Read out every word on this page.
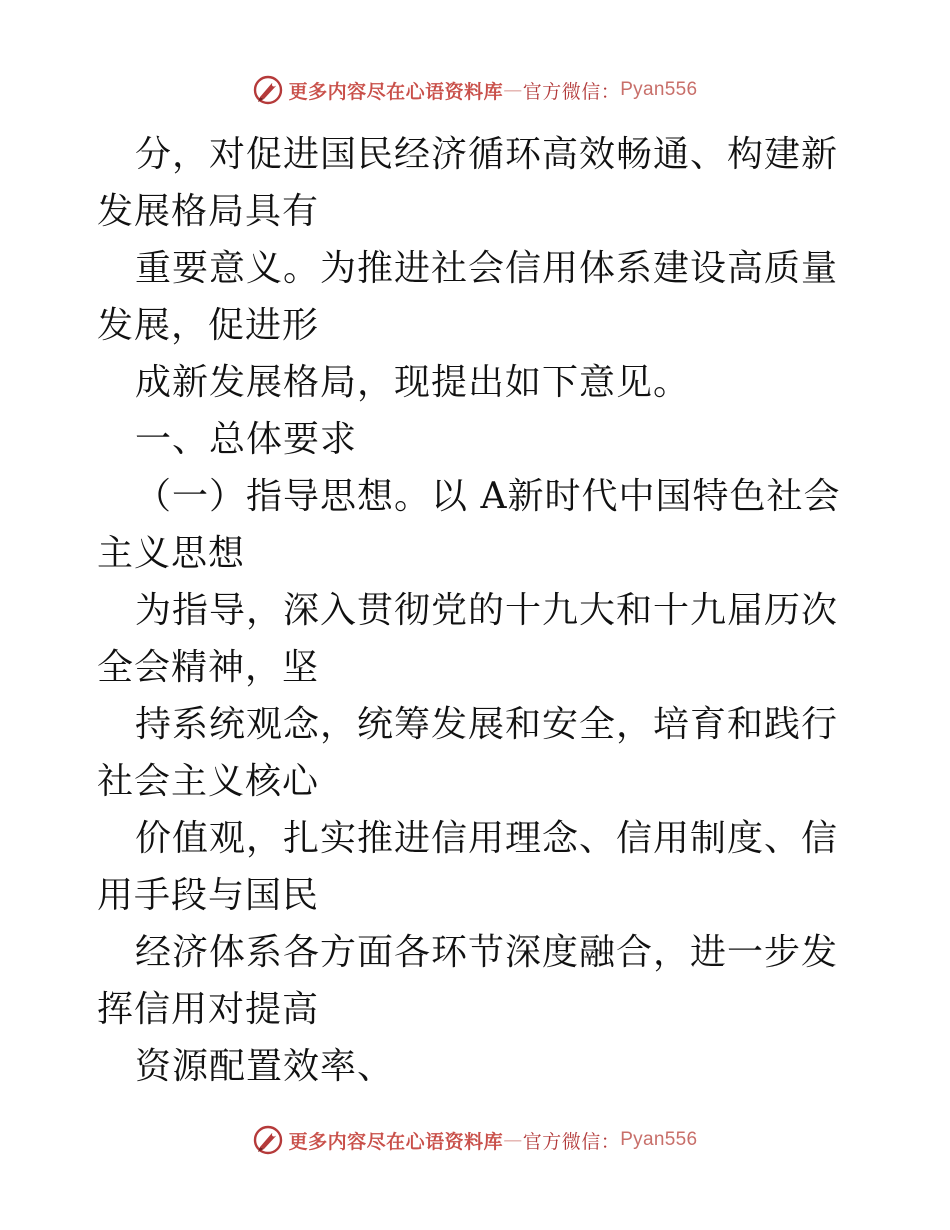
更多内容尽在心语资料库 — 官方微信： Pyan556

分，对促进国民经济循环高效畅通、构建新发展格局具有

重要意义。为推进社会信用体系建设高质量发展，促进形

成新发展格局，现提出如下意见。

一、总体要求

（一）指导思想。以 A新时代中国特色社会主义思想

为指导，深入贯彻党的十九大和十九届历次全会精神，坚

持系统观念，统筹发展和安全，培育和践行社会主义核心

价值观，扎实推进信用理念、信用制度、信用手段与国民

经济体系各方面各环节深度融合，进一步发挥信用对提高

资源配置效率、

更多内容尽在心语资料库 — 官方微信： Pyan556
